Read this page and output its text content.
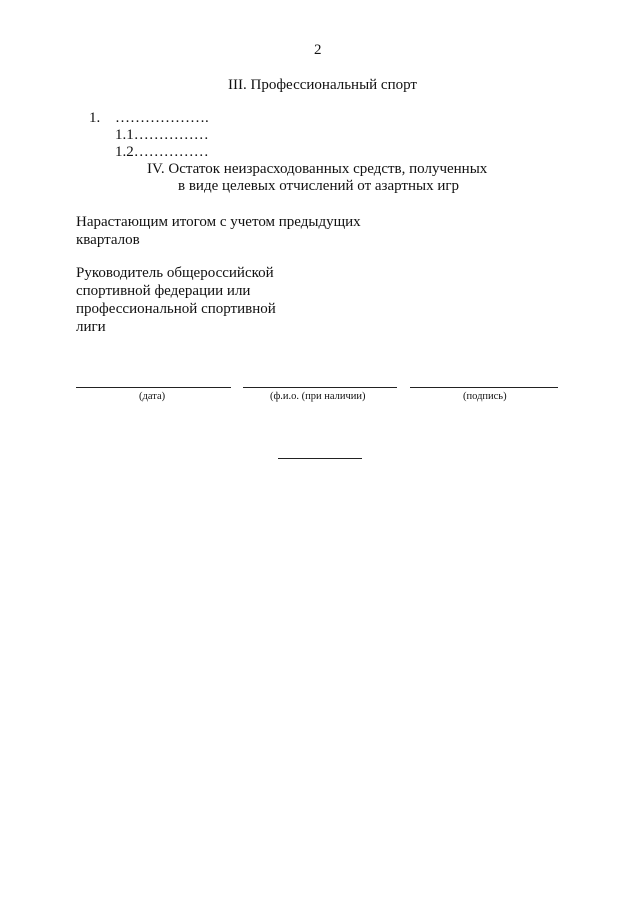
2
III. Профессиональный спорт
1. ……………….
1.1……………
1.2……………
IV. Остаток неизрасходованных средств, полученных
в виде целевых отчислений от азартных игр
Нарастающим итогом с учетом предыдущих
кварталов
Руководитель общероссийской
спортивной федерации или
профессиональной спортивной
лиги
(дата)	(ф.и.о. (при наличии)	(подпись)
